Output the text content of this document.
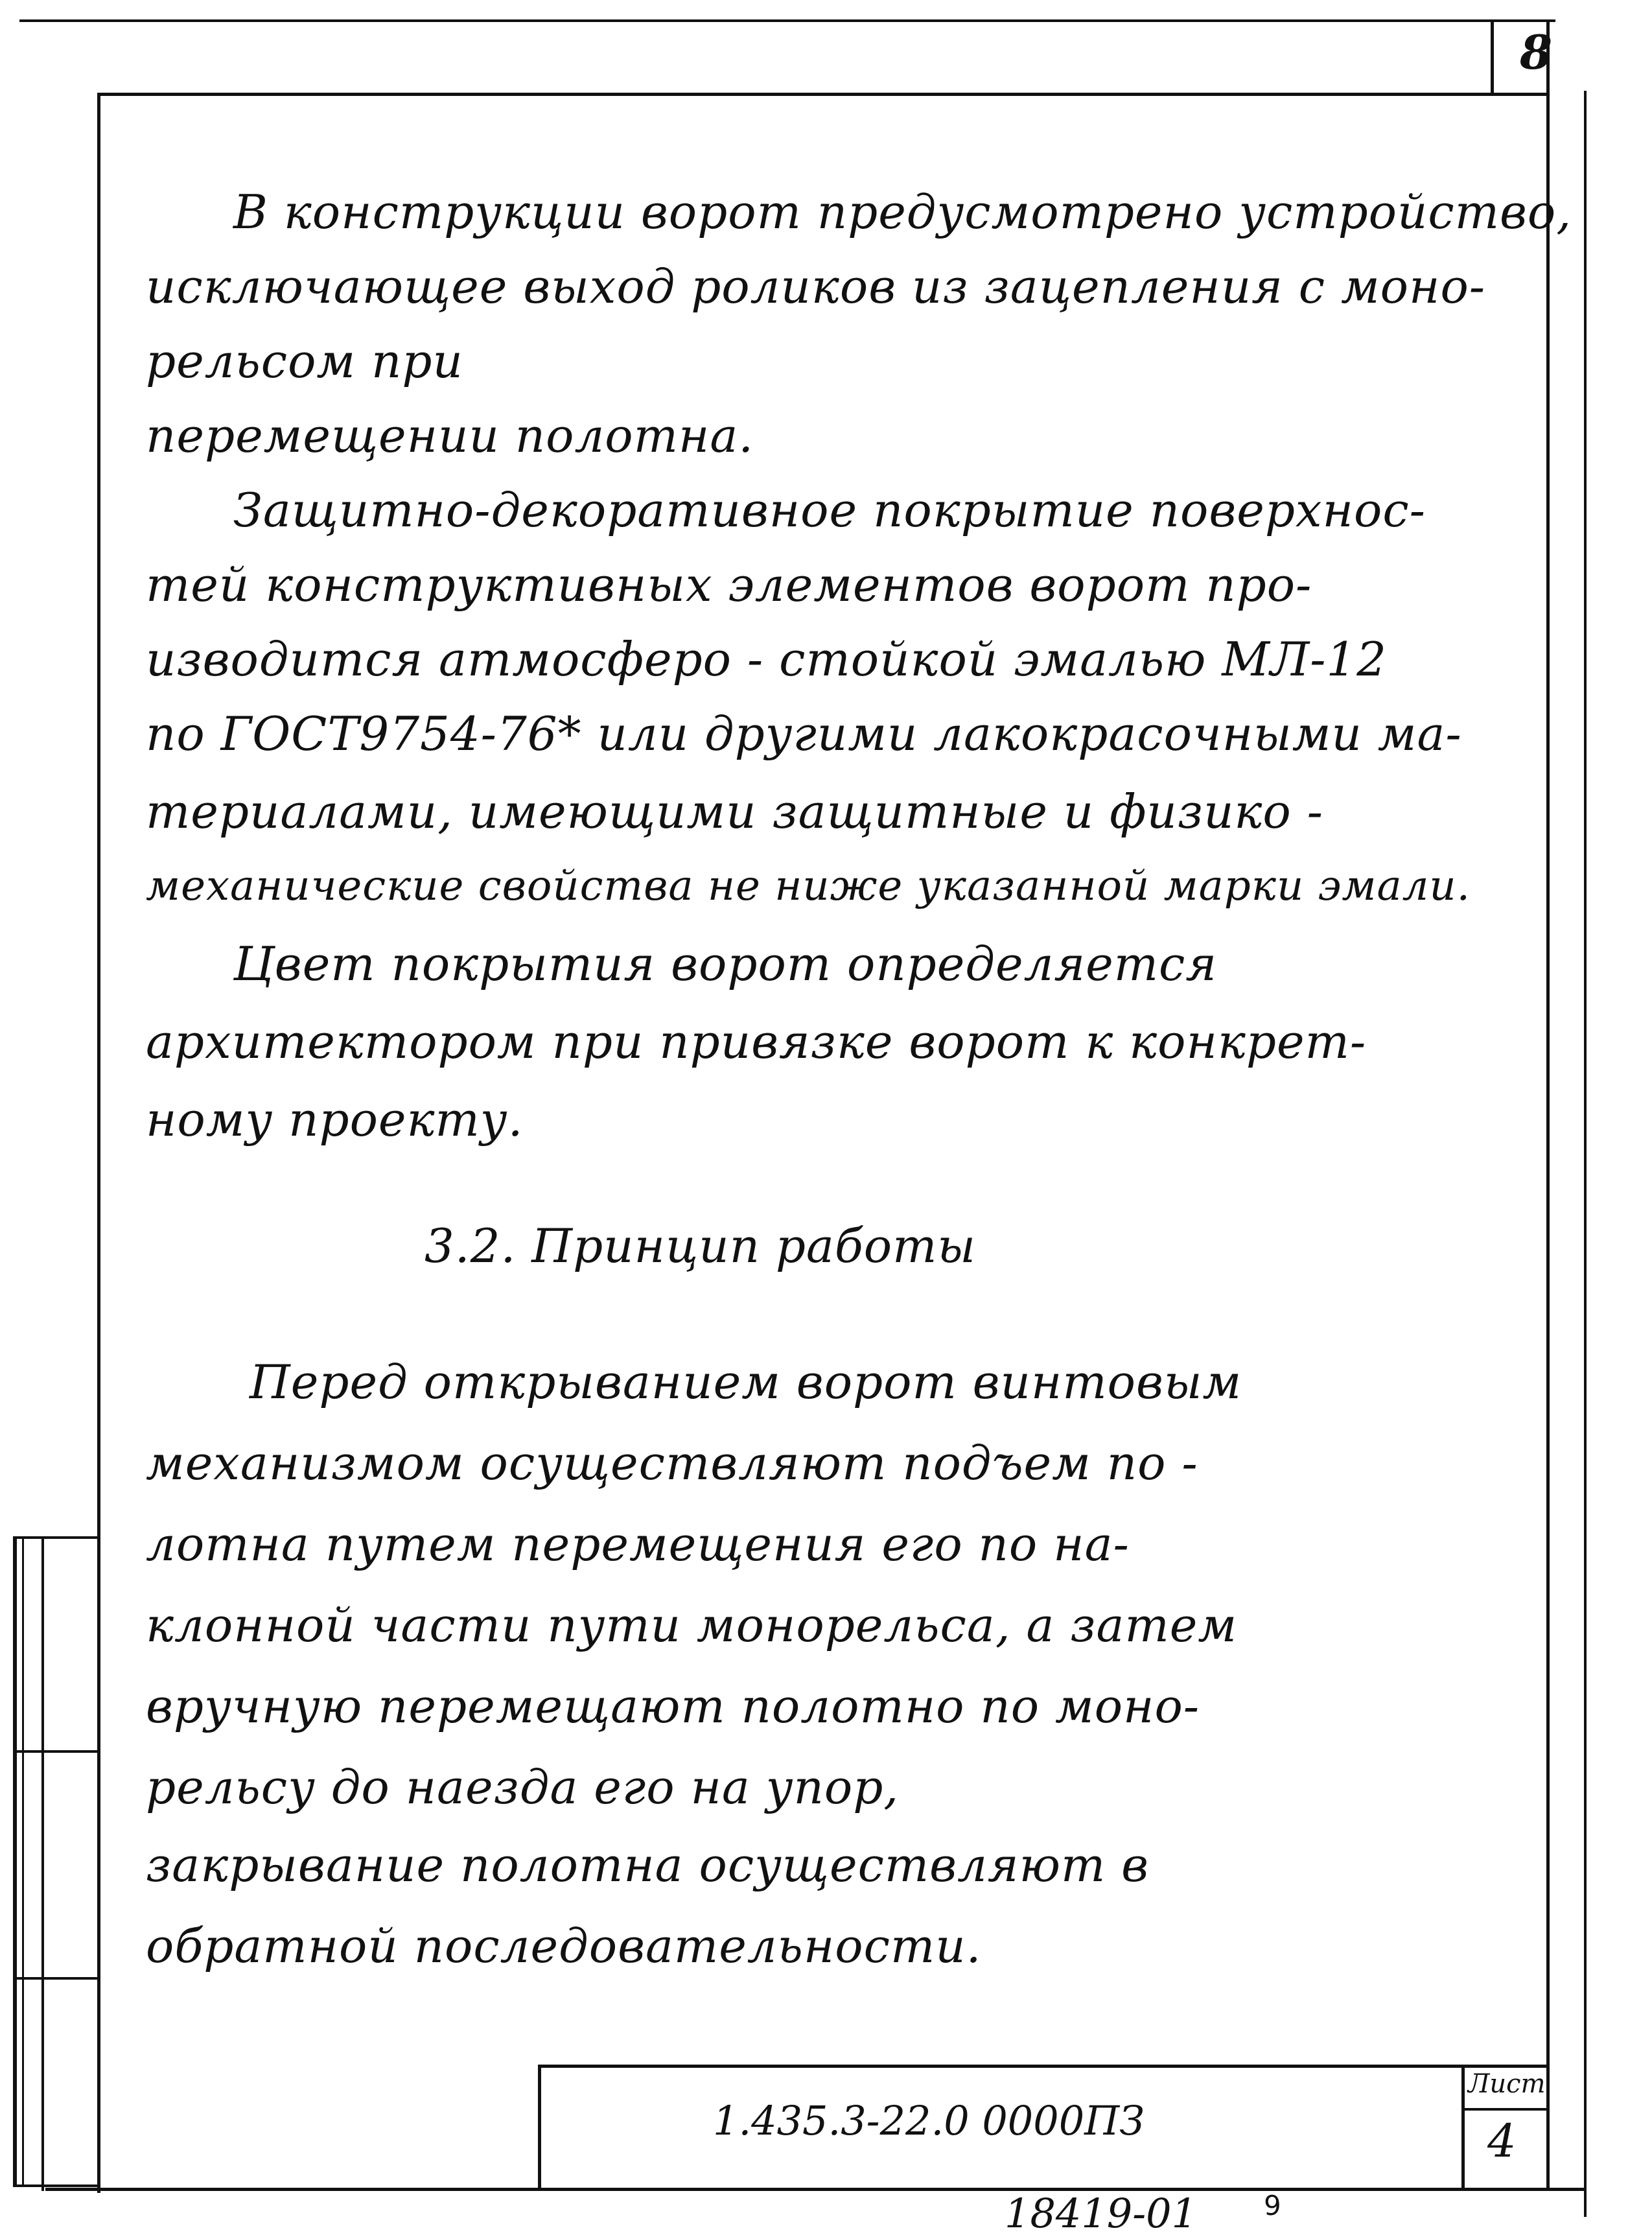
8
В конструкции ворот предусмотрено устройство,
исключающее выход роликов из зацепления с моно-
рельсом при
перемещении полотна.
Защитно-декоративное покрытие поверхнос-
тей конструктивных элементов ворот про-
изводится атмосферо - стойкой эмалью МЛ-12
по ГОСТ9754-76* или другими лакокрасочными ма-
териалами, имеющими защитные и физико -
механические свойства не ниже указанной марки эмали.
Цвет покрытия ворот определяется
архитектором при привязке ворот к конкрет-
ному проекту.
3.2. Принцип работы
Перед открыванием ворот винтовым
механизмом осуществляют подъем по -
лотна путем перемещения его по на-
клонной части пути монорельса, а затем
вручную перемещают полотно по моно-
рельсу до наезда его на упор,
закрывание полотна осуществляют в
обратной последовательности.
1.435.3-22.0 0000ПЗ
Лист
4
18419-01 9
